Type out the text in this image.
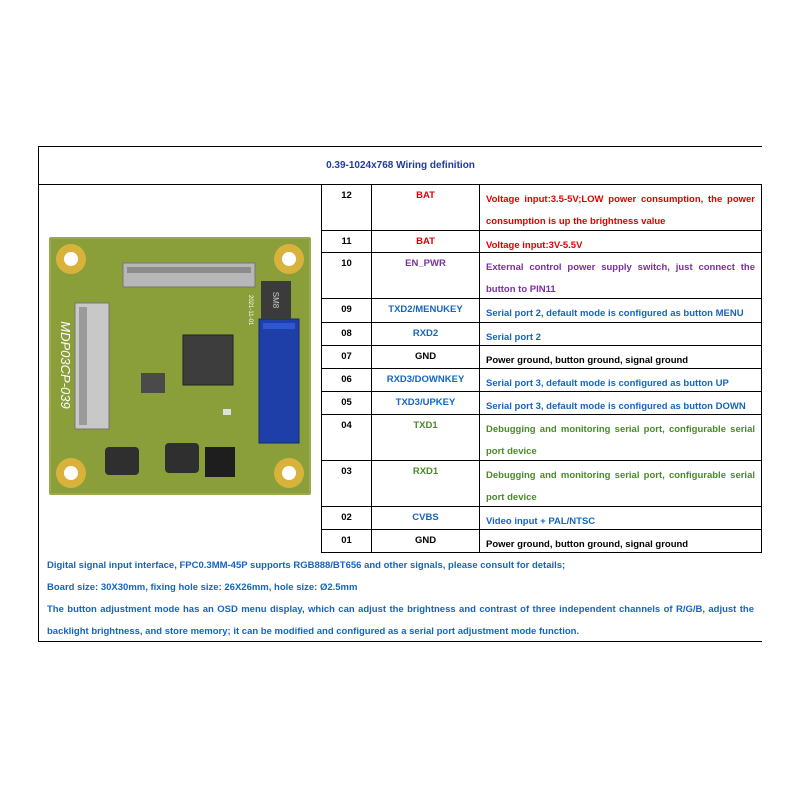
0.39-1024x768 Wiring definition
SM8
MDP03CP-039
2021-11-01
12	BAT	Voltage input:3.5-5V;LOW power consumption, the power consumption is up the brightness value
11	BAT	Voltage input:3V-5.5V
10	EN_PWR	External control power supply switch, just connect the button to PIN11
09	TXD2/MENUKEY	Serial port 2, default mode is configured as button MENU
08	RXD2	Serial port 2
07	GND	Power ground, button ground, signal ground
06	RXD3/DOWNKEY	Serial port 3, default mode is configured as button UP
05	TXD3/UPKEY	Serial port 3, default mode is configured as button DOWN
04	TXD1	Debugging and monitoring serial port, configurable serial port device
03	RXD1	Debugging and monitoring serial port, configurable serial port device
02	CVBS	Video input + PAL/NTSC
01	GND	Power ground, button ground, signal ground
Digital signal input interface, FPC0.3MM-45P supports RGB888/BT656 and other signals, please consult for details;
Board size: 30X30mm, fixing hole size: 26X26mm, hole size: Ø2.5mm
The button adjustment mode has an OSD menu display, which can adjust the brightness and contrast of three independent channels of R/G/B, adjust the backlight brightness, and store memory; it can be modified and configured as a serial port adjustment mode function.
